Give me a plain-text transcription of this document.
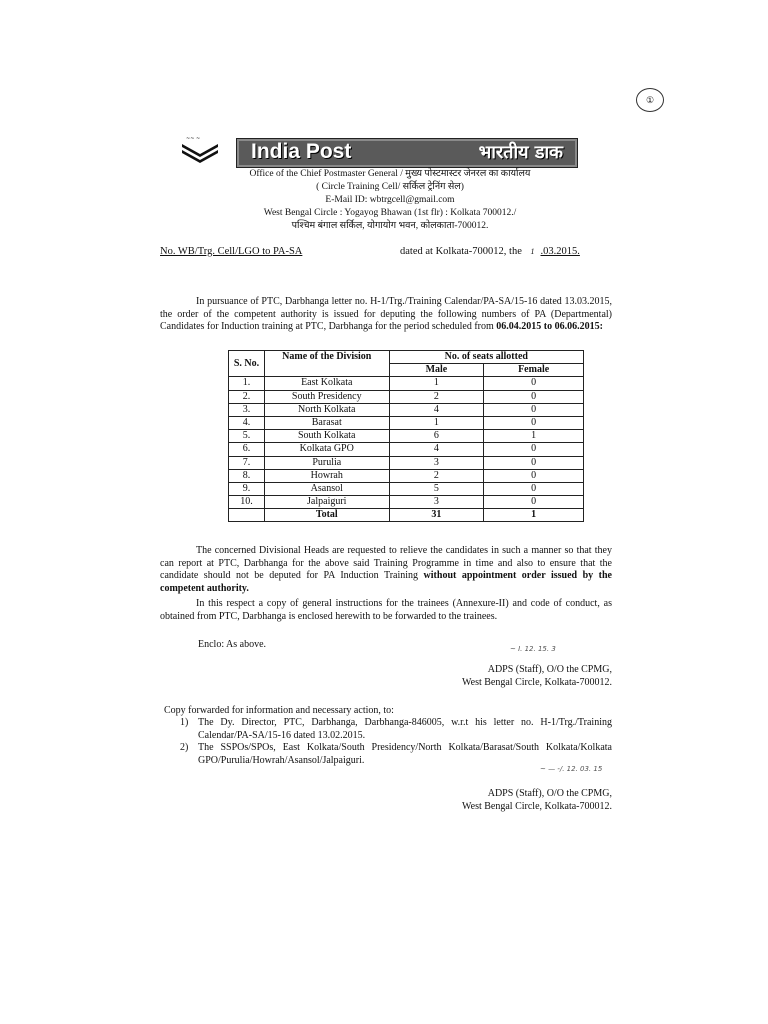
①
~~ ~
India Post	भारतीय डाक
Office of the Chief Postmaster General / मुख्य पोस्टमास्टर जेनरल का कार्यालय
( Circle Training Cell/ सर्किल ट्रेनिंग सेल)
E-Mail ID: wbtrgcell@gmail.com
West Bengal Circle : Yogayog Bhawan (1st flr) : Kolkata 700012./
पश्चिम बंगाल सर्किल, योगायोग भवन, कोलकाता-700012.
No. WB/Trg. Cell/LGO to PA-SA	dated at Kolkata-700012, the 1 .03.2015.
In pursuance of PTC, Darbhanga letter no. H-1/Trg./Training Calendar/PA-SA/15-16 dated 13.03.2015, the order of the competent authority is issued for deputing the following numbers of PA (Departmental) Candidates for Induction training at PTC, Darbhanga for the period scheduled from 06.04.2015 to 06.06.2015:
S. No.	Name of the Division	No. of seats allotted	
		Male	Female
1.	East Kolkata	1	0
2.	South Presidency	2	0
3.	North Kolkata	4	0
4.	Barasat	1	0
5.	South Kolkata	6	1
6.	Kolkata GPO	4	0
7.	Purulia	3	0
8.	Howrah	2	0
9.	Asansol	5	0
10.	Jalpaiguri	3	0
	Total	31	1
The concerned Divisional Heads are requested to relieve the candidates in such a manner so that they can report at PTC, Darbhanga for the above said Training Programme in time and also to ensure that the candidate should not be deputed for PA Induction Training without appointment order issued by the competent authority.
In this respect a copy of general instructions for the trainees (Annexure-II) and code of conduct, as obtained from PTC, Darbhanga is enclosed herewith to be forwarded to the trainees.
Enclo: As above.	~ I. 12. 15. 3
ADPS (Staff), O/O the CPMG,
West Bengal Circle, Kolkata-700012.
Copy forwarded for information and necessary action, to:
1) The Dy. Director, PTC, Darbhanga, Darbhanga-846005, w.r.t his letter no. H-1/Trg./Training Calendar/PA-SA/15-16 dated 13.02.2015.
2) The SSPOs/SPOs, East Kolkata/South Presidency/North Kolkata/Barasat/South Kolkata/Kolkata GPO/Purulia/Howrah/Asansol/Jalpaiguri.
~ — -/. 12. 03. 15
ADPS (Staff), O/O the CPMG,
West Bengal Circle, Kolkata-700012.
